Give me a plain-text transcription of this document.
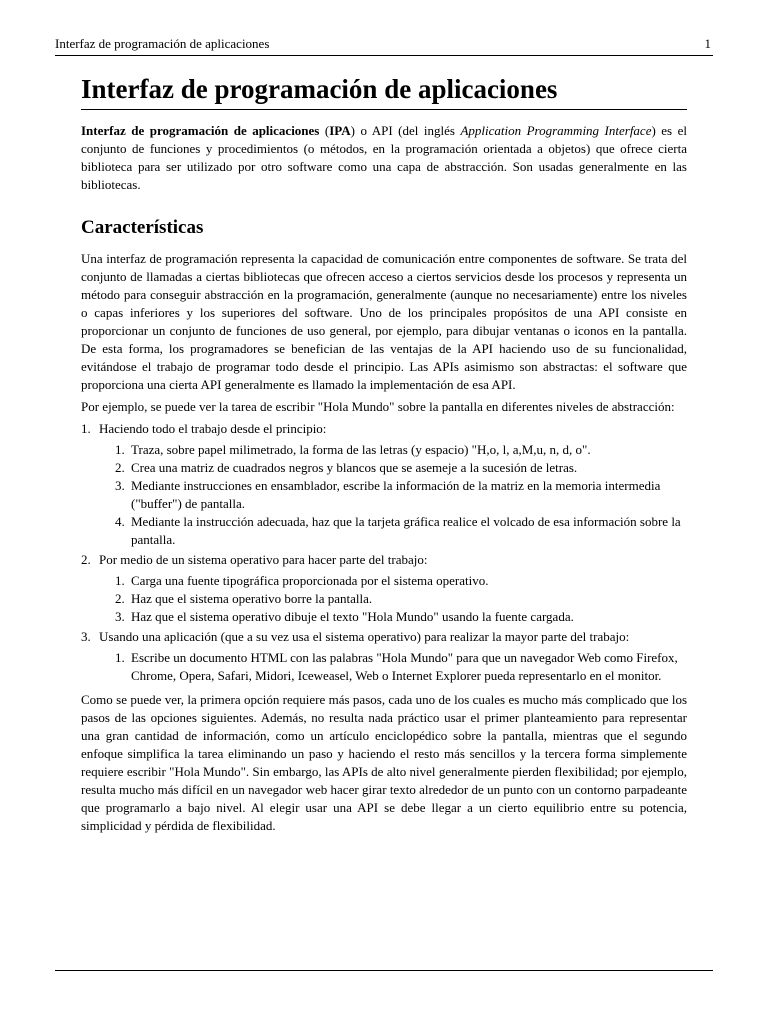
Interfaz de programación de aplicaciones	1
Interfaz de programación de aplicaciones

Interfaz de programación de aplicaciones (IPA) o API (del inglés Application Programming Interface) es el conjunto de funciones y procedimientos (o métodos, en la programación orientada a objetos) que ofrece cierta biblioteca para ser utilizado por otro software como una capa de abstracción. Son usadas generalmente en las bibliotecas.

Características

Una interfaz de programación representa la capacidad de comunicación entre componentes de software. Se trata del conjunto de llamadas a ciertas bibliotecas que ofrecen acceso a ciertos servicios desde los procesos y representa un método para conseguir abstracción en la programación, generalmente (aunque no necesariamente) entre los niveles o capas inferiores y los superiores del software. Uno de los principales propósitos de una API consiste en proporcionar un conjunto de funciones de uso general, por ejemplo, para dibujar ventanas o iconos en la pantalla. De esta forma, los programadores se benefician de las ventajas de la API haciendo uso de su funcionalidad, evitándose el trabajo de programar todo desde el principio. Las APIs asimismo son abstractas: el software que proporciona una cierta API generalmente es llamado la implementación de esa API.

Por ejemplo, se puede ver la tarea de escribir "Hola Mundo" sobre la pantalla en diferentes niveles de abstracción:

1. Haciendo todo el trabajo desde el principio:
1. Traza, sobre papel milimetrado, la forma de las letras (y espacio) "H,o, l, a,M,u, n, d, o".
2. Crea una matriz de cuadrados negros y blancos que se asemeje a la sucesión de letras.
3. Mediante instrucciones en ensamblador, escribe la información de la matriz en la memoria intermedia ("buffer") de pantalla.
4. Mediante la instrucción adecuada, haz que la tarjeta gráfica realice el volcado de esa información sobre la pantalla.
2. Por medio de un sistema operativo para hacer parte del trabajo:
1. Carga una fuente tipográfica proporcionada por el sistema operativo.
2. Haz que el sistema operativo borre la pantalla.
3. Haz que el sistema operativo dibuje el texto "Hola Mundo" usando la fuente cargada.
3. Usando una aplicación (que a su vez usa el sistema operativo) para realizar la mayor parte del trabajo:
1. Escribe un documento HTML con las palabras "Hola Mundo" para que un navegador Web como Firefox, Chrome, Opera, Safari, Midori, Iceweasel, Web o Internet Explorer pueda representarlo en el monitor.

Como se puede ver, la primera opción requiere más pasos, cada uno de los cuales es mucho más complicado que los pasos de las opciones siguientes. Además, no resulta nada práctico usar el primer planteamiento para representar una gran cantidad de información, como un artículo enciclopédico sobre la pantalla, mientras que el segundo enfoque simplifica la tarea eliminando un paso y haciendo el resto más sencillos y la tercera forma simplemente requiere escribir "Hola Mundo". Sin embargo, las APIs de alto nivel generalmente pierden flexibilidad; por ejemplo, resulta mucho más difícil en un navegador web hacer girar texto alrededor de un punto con un contorno parpadeante que programarlo a bajo nivel. Al elegir usar una API se debe llegar a un cierto equilibrio entre su potencia, simplicidad y pérdida de flexibilidad.
